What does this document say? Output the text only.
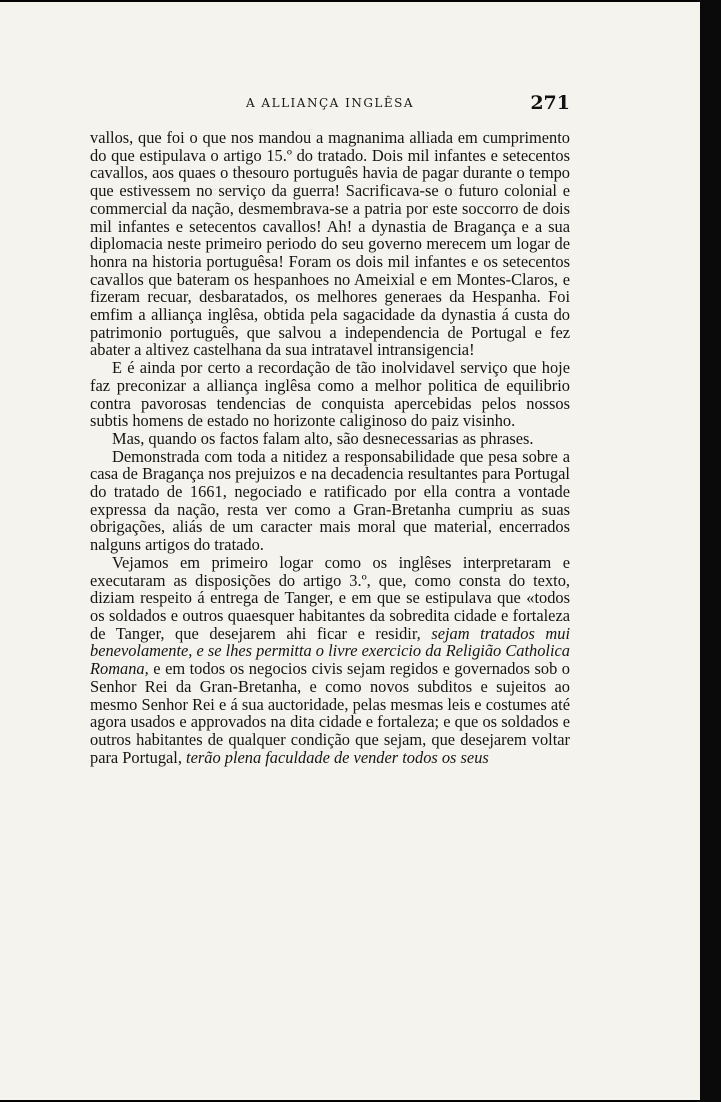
A ALLIANÇA INGLÊSA	271

vallos, que foi o que nos mandou a magnanima alliada em cumprimento do que estipulava o artigo 15.º do tratado. Dois mil infantes e setecentos cavallos, aos quaes o thesouro português havia de pagar durante o tempo que estivessem no serviço da guerra! Sacrificava-se o futuro colonial e commercial da nação, desmembrava-se a patria por este soccorro de dois mil infantes e setecentos cavallos! Ah! a dynastia de Bragança e a sua diplomacia neste primeiro periodo do seu governo merecem um logar de honra na historia portuguêsa! Foram os dois mil infantes e os setecentos cavallos que bateram os hespanhoes no Ameixial e em Montes-Claros, e fizeram recuar, desbaratados, os melhores generaes da Hespanha. Foi emfim a alliança inglêsa, obtida pela sagacidade da dynastia á custa do patrimonio português, que salvou a independencia de Portugal e fez abater a altivez castelhana da sua intratavel intransigencia!

E é ainda por certo a recordação de tão inolvidavel serviço que hoje faz preconizar a alliança inglêsa como a melhor politica de equilibrio contra pavorosas tendencias de conquista apercebidas pelos nossos subtis homens de estado no horizonte caliginoso do paiz visinho.

Mas, quando os factos falam alto, são desnecessarias as phrases.

Demonstrada com toda a nitidez a responsabilidade que pesa sobre a casa de Bragança nos prejuizos e na decadencia resultantes para Portugal do tratado de 1661, negociado e ratificado por ella contra a vontade expressa da nação, resta ver como a Gran-Bretanha cumpriu as suas obrigações, aliás de um caracter mais moral que material, encerrados nalguns artigos do tratado.

Vejamos em primeiro logar como os inglêses interpretaram e executaram as disposições do artigo 3.º, que, como consta do texto, diziam respeito á entrega de Tanger, e em que se estipulava que «todos os soldados e outros quaesquer habitantes da sobredita cidade e fortaleza de Tanger, que desejarem ahi ficar e residir, sejam tratados mui benevolamente, e se lhes permitta o livre exercicio da Religião Catholica Romana, e em todos os negocios civis sejam regidos e governados sob o Senhor Rei da Gran-Bretanha, e como novos subditos e sujeitos ao mesmo Senhor Rei e á sua auctoridade, pelas mesmas leis e costumes até agora usados e approvados na dita cidade e fortaleza; e que os soldados e outros habitantes de qualquer condição que sejam, que desejarem voltar para Portugal, terão plena faculdade de vender todos os seus
